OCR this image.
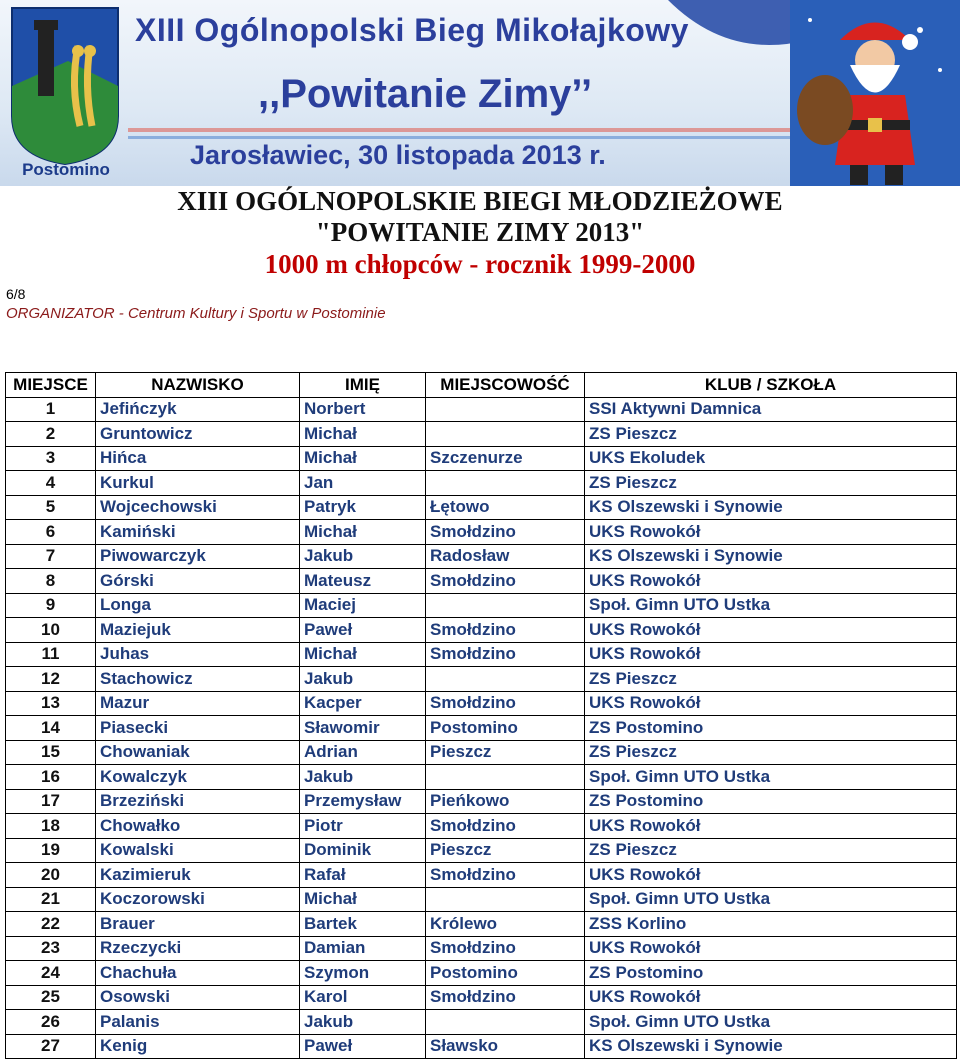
Postomino
XIII Ogólnopolski Bieg Mikołajkowy
,,Powitanie Zimy’’
Jarosławiec, 30 listopada 2013 r.
XIII OGÓLNOPOLSKIE BIEGI MŁODZIEŻOWE
"POWITANIE ZIMY 2013"
1000 m chłopców - rocznik 1999-2000
6/8
ORGANIZATOR - Centrum Kultury i Sportu w Postominie
MIEJSCE	NAZWISKO	IMIĘ	MIEJSCOWOŚĆ	KLUB / SZKOŁA
1	Jefińczyk	Norbert		SSI Aktywni Damnica
2	Gruntowicz	Michał		ZS Pieszcz
3	Hińca	Michał	Szczenurze	UKS Ekoludek
4	Kurkul	Jan		ZS Pieszcz
5	Wojcechowski	Patryk	Łętowo	KS Olszewski i Synowie
6	Kamiński	Michał	Smołdzino	UKS Rowokół
7	Piwowarczyk	Jakub	Radosław	KS Olszewski i Synowie
8	Górski	Mateusz	Smołdzino	UKS Rowokół
9	Longa	Maciej		Społ. Gimn UTO Ustka
10	Maziejuk	Paweł	Smołdzino	UKS Rowokół
11	Juhas	Michał	Smołdzino	UKS Rowokół
12	Stachowicz	Jakub		ZS Pieszcz
13	Mazur	Kacper	Smołdzino	UKS Rowokół
14	Piasecki	Sławomir	Postomino	ZS Postomino
15	Chowaniak	Adrian	Pieszcz	ZS Pieszcz
16	Kowalczyk	Jakub		Społ. Gimn UTO Ustka
17	Brzeziński	Przemysław	Pieńkowo	ZS Postomino
18	Chowałko	Piotr	Smołdzino	UKS Rowokół
19	Kowalski	Dominik	Pieszcz	ZS Pieszcz
20	Kazimieruk	Rafał	Smołdzino	UKS Rowokół
21	Koczorowski	Michał		Społ. Gimn UTO Ustka
22	Brauer	Bartek	Królewo	ZSS Korlino
23	Rzeczycki	Damian	Smołdzino	UKS Rowokół
24	Chachuła	Szymon	Postomino	ZS Postomino
25	Osowski	Karol	Smołdzino	UKS Rowokół
26	Palanis	Jakub		Społ. Gimn UTO Ustka
27	Kenig	Paweł	Sławsko	KS Olszewski i Synowie
